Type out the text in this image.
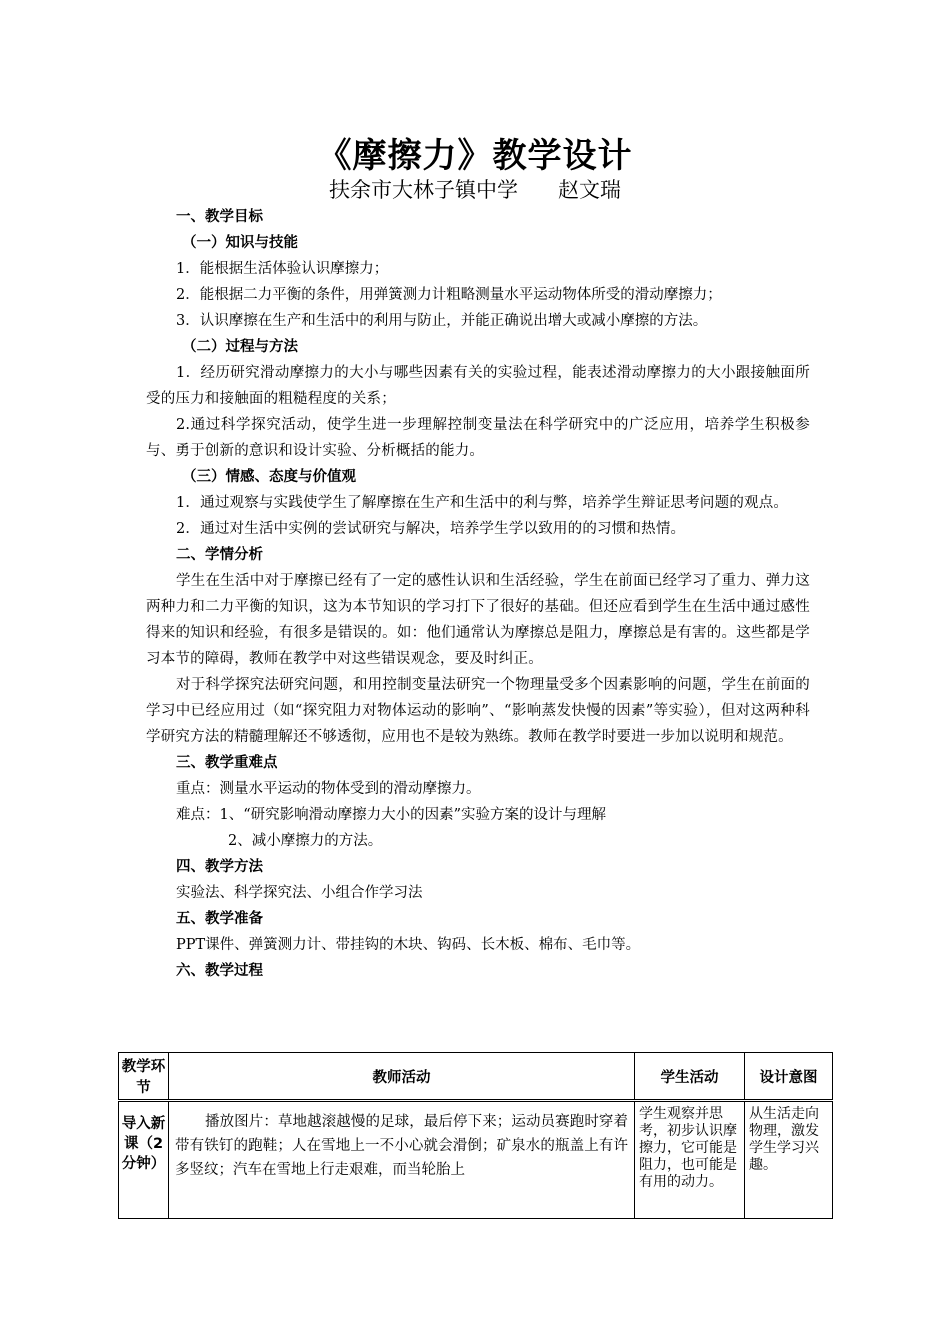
《摩擦力》教学设计
扶余市大林子镇中学 赵文瑞
一、教学目标
（一）知识与技能
1．能根据生活体验认识摩擦力；
2．能根据二力平衡的条件，用弹簧测力计粗略测量水平运动物体所受的滑动摩擦力；
3．认识摩擦在生产和生活中的利用与防止，并能正确说出增大或减小摩擦的方法。
（二）过程与方法
1．经历研究滑动摩擦力的大小与哪些因素有关的实验过程，能表述滑动摩擦力的大小跟接触面所受的压力和接触面的粗糙程度的关系；
2.通过科学探究活动，使学生进一步理解控制变量法在科学研究中的广泛应用，培养学生积极参与、勇于创新的意识和设计实验、分析概括的能力。
（三）情感、态度与价值观
1．通过观察与实践使学生了解摩擦在生产和生活中的利与弊，培养学生辩证思考问题的观点。
2．通过对生活中实例的尝试研究与解决，培养学生学以致用的的习惯和热情。
二、学情分析
学生在生活中对于摩擦已经有了一定的感性认识和生活经验，学生在前面已经学习了重力、弹力这两种力和二力平衡的知识，这为本节知识的学习打下了很好的基础。但还应看到学生在生活中通过感性得来的知识和经验，有很多是错误的。如：他们通常认为摩擦总是阻力，摩擦总是有害的。这些都是学习本节的障碍，教师在教学中对这些错误观念，要及时纠正。
对于科学探究法研究问题，和用控制变量法研究一个物理量受多个因素影响的问题，学生在前面的学习中已经应用过（如“探究阻力对物体运动的影响”、“影响蒸发快慢的因素”等实验），但对这两种科学研究方法的精髓理解还不够透彻，应用也不是较为熟练。教师在教学时要进一步加以说明和规范。
三、教学重难点
重点：测量水平运动的物体受到的滑动摩擦力。
难点：1、“研究影响滑动摩擦力大小的因素”实验方案的设计与理解
2、减小摩擦力的方法。
四、教学方法
实验法、科学探究法、小组合作学习法
五、教学准备
PPT课件、弹簧测力计、带挂钩的木块、钩码、长木板、棉布、毛巾等。
六、教学过程
教学环节	教师活动	学生活动	设计意图
导入新课（2分钟）	播放图片：草地越滚越慢的足球，最后停下来；运动员赛跑时穿着带有铁钉的跑鞋；人在雪地上一不小心就会滑倒；矿泉水的瓶盖上有许多竖纹；汽车在雪地上行走艰难，而当轮胎上	学生观察并思考，初步认识摩擦力，它可能是阻力，也可能是有用的动力。	从生活走向物理，激发学生学习兴趣。
